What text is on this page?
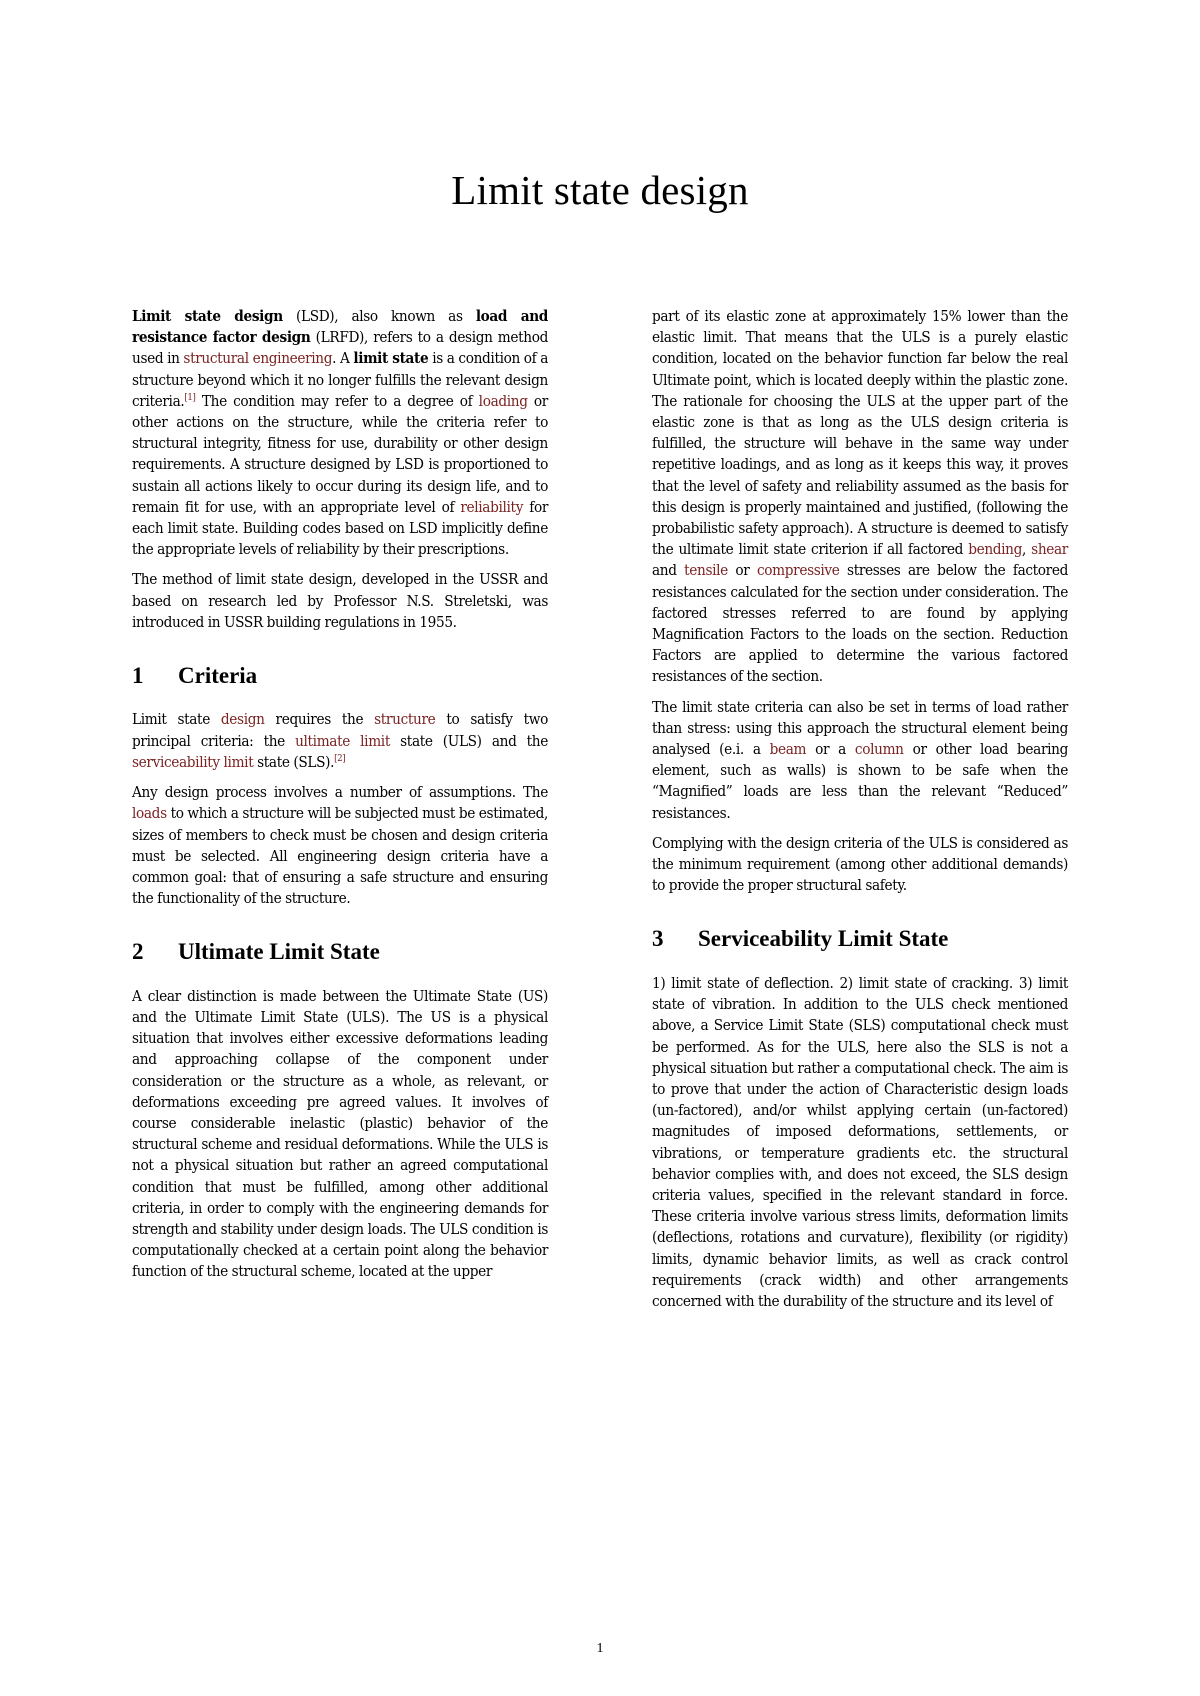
Limit state design

Limit state design (LSD), also known as load and resistance factor design (LRFD), refers to a design method used in structural engineering. A limit state is a condition of a structure beyond which it no longer fulfills the relevant design criteria.[1] The condition may refer to a degree of loading or other actions on the structure, while the criteria refer to structural integrity, fitness for use, durability or other design requirements. A structure designed by LSD is proportioned to sustain all actions likely to occur during its design life, and to remain fit for use, with an appropriate level of reliability for each limit state. Building codes based on LSD implicitly define the appropriate levels of reliability by their prescriptions.

The method of limit state design, developed in the USSR and based on research led by Professor N.S. Streletski, was introduced in USSR building regulations in 1955.

1 Criteria

Limit state design requires the structure to satisfy two principal criteria: the ultimate limit state (ULS) and the serviceability limit state (SLS).[2]

Any design process involves a number of assumptions. The loads to which a structure will be subjected must be estimated, sizes of members to check must be chosen and design criteria must be selected. All engineering design criteria have a common goal: that of ensuring a safe structure and ensuring the functionality of the structure.

2 Ultimate Limit State

A clear distinction is made between the Ultimate State (US) and the Ultimate Limit State (ULS). The US is a physical situation that involves either excessive deformations leading and approaching collapse of the component under consideration or the structure as a whole, as relevant, or deformations exceeding pre agreed values. It involves of course considerable inelastic (plastic) behavior of the structural scheme and residual deformations. While the ULS is not a physical situation but rather an agreed computational condition that must be fulfilled, among other additional criteria, in order to comply with the engineering demands for strength and stability under design loads. The ULS condition is computationally checked at a certain point along the behavior function of the structural scheme, located at the upper

part of its elastic zone at approximately 15% lower than the elastic limit. That means that the ULS is a purely elastic condition, located on the behavior function far below the real Ultimate point, which is located deeply within the plastic zone. The rationale for choosing the ULS at the upper part of the elastic zone is that as long as the ULS design criteria is fulfilled, the structure will behave in the same way under repetitive loadings, and as long as it keeps this way, it proves that the level of safety and reliability assumed as the basis for this design is properly maintained and justified, (following the probabilistic safety approach). A structure is deemed to satisfy the ultimate limit state criterion if all factored bending, shear and tensile or compressive stresses are below the factored resistances calculated for the section under consideration. The factored stresses referred to are found by applying Magnification Factors to the loads on the section. Reduction Factors are applied to determine the various factored resistances of the section.

The limit state criteria can also be set in terms of load rather than stress: using this approach the structural element being analysed (e.i. a beam or a column or other load bearing element, such as walls) is shown to be safe when the “Magnified” loads are less than the relevant “Reduced” resistances.

Complying with the design criteria of the ULS is considered as the minimum requirement (among other additional demands) to provide the proper structural safety.

3 Serviceability Limit State

1) limit state of deflection. 2) limit state of cracking. 3) limit state of vibration. In addition to the ULS check mentioned above, a Service Limit State (SLS) computational check must be performed. As for the ULS, here also the SLS is not a physical situation but rather a computational check. The aim is to prove that under the action of Characteristic design loads (un-factored), and/or whilst applying certain (un-factored) magnitudes of imposed deformations, settlements, or vibrations, or temperature gradients etc. the structural behavior complies with, and does not exceed, the SLS design criteria values, specified in the relevant standard in force. These criteria involve various stress limits, deformation limits (deflections, rotations and curvature), flexibility (or rigidity) limits, dynamic behavior limits, as well as crack control requirements (crack width) and other arrangements concerned with the durability of the structure and its level of

1
